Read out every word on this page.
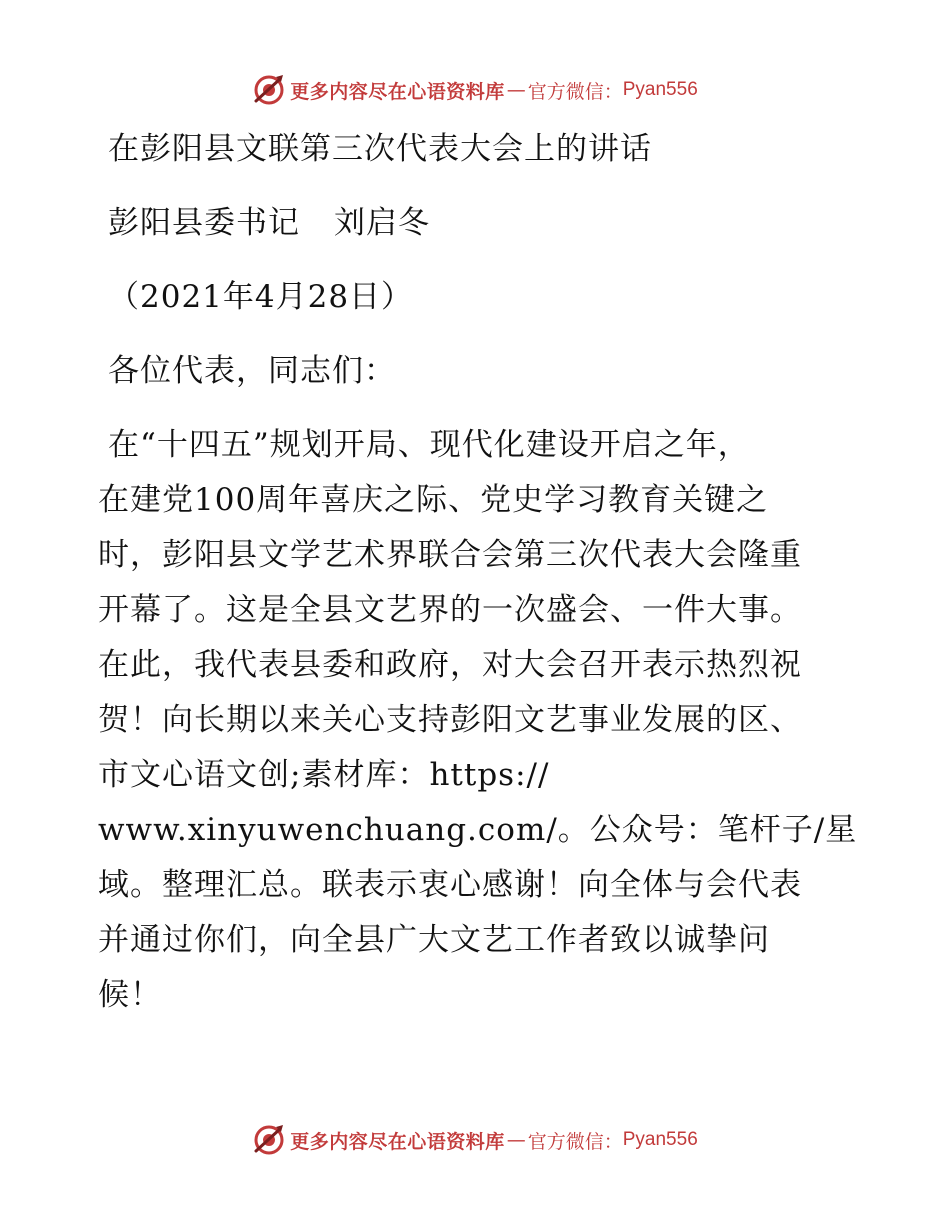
更多内容尽在心语资料库 — 官方微信： Pyan556

在彭阳县文联第三次代表大会上的讲话

彭阳县委书记 刘启冬

（2021年4月28日）

各位代表，同志们：

在“十四五”规划开局、现代化建设开启之年，

在建党100周年喜庆之际、党史学习教育关键之

时，彭阳县文学艺术界联合会第三次代表大会隆重

开幕了。这是全县文艺界的一次盛会、一件大事。

在此，我代表县委和政府，对大会召开表示热烈祝

贺！向长期以来关心支持彭阳文艺事业发展的区、

市文心语文创;素材库：https://

www.xinyuwenchuang.com/。公众号：笔杆子/星

域。整理汇总。联表示衷心感谢！向全体与会代表

并通过你们，向全县广大文艺工作者致以诚挚问

候！

更多内容尽在心语资料库 — 官方微信： Pyan556
